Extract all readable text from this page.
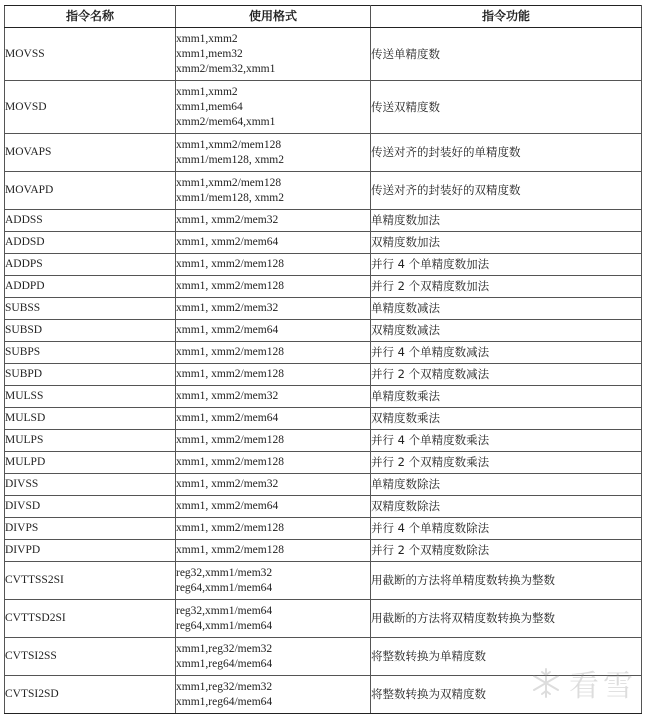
指令名称	使用格式	指令功能
MOVSS	xmm1,xmm2
xmm1,mem32
xmm2/mem32,xmm1	传送单精度数
MOVSD	xmm1,xmm2
xmm1,mem64
xmm2/mem64,xmm1	传送双精度数
MOVAPS	xmm1,xmm2/mem128
xmm1/mem128, xmm2	传送对齐的封装好的单精度数
MOVAPD	xmm1,xmm2/mem128
xmm1/mem128, xmm2	传送对齐的封装好的双精度数
ADDSS	xmm1, xmm2/mem32	单精度数加法
ADDSD	xmm1, xmm2/mem64	双精度数加法
ADDPS	xmm1, xmm2/mem128	并行 4 个单精度数加法
ADDPD	xmm1, xmm2/mem128	并行 2 个双精度数加法
SUBSS	xmm1, xmm2/mem32	单精度数减法
SUBSD	xmm1, xmm2/mem64	双精度数减法
SUBPS	xmm1, xmm2/mem128	并行 4 个单精度数减法
SUBPD	xmm1, xmm2/mem128	并行 2 个双精度数减法
MULSS	xmm1, xmm2/mem32	单精度数乘法
MULSD	xmm1, xmm2/mem64	双精度数乘法
MULPS	xmm1, xmm2/mem128	并行 4 个单精度数乘法
MULPD	xmm1, xmm2/mem128	并行 2 个双精度数乘法
DIVSS	xmm1, xmm2/mem32	单精度数除法
DIVSD	xmm1, xmm2/mem64	双精度数除法
DIVPS	xmm1, xmm2/mem128	并行 4 个单精度数除法
DIVPD	xmm1, xmm2/mem128	并行 2 个双精度数除法
CVTTSS2SI	reg32,xmm1/mem32
reg64,xmm1/mem64	用截断的方法将单精度数转换为整数
CVTTSD2SI	reg32,xmm1/mem64
reg64,xmm1/mem64	用截断的方法将双精度数转换为整数
CVTSI2SS	xmm1,reg32/mem32
xmm1,reg64/mem64	将整数转换为单精度数
CVTSI2SD	xmm1,reg32/mem32
xmm1,reg64/mem64	将整数转换为双精度数	看雪
